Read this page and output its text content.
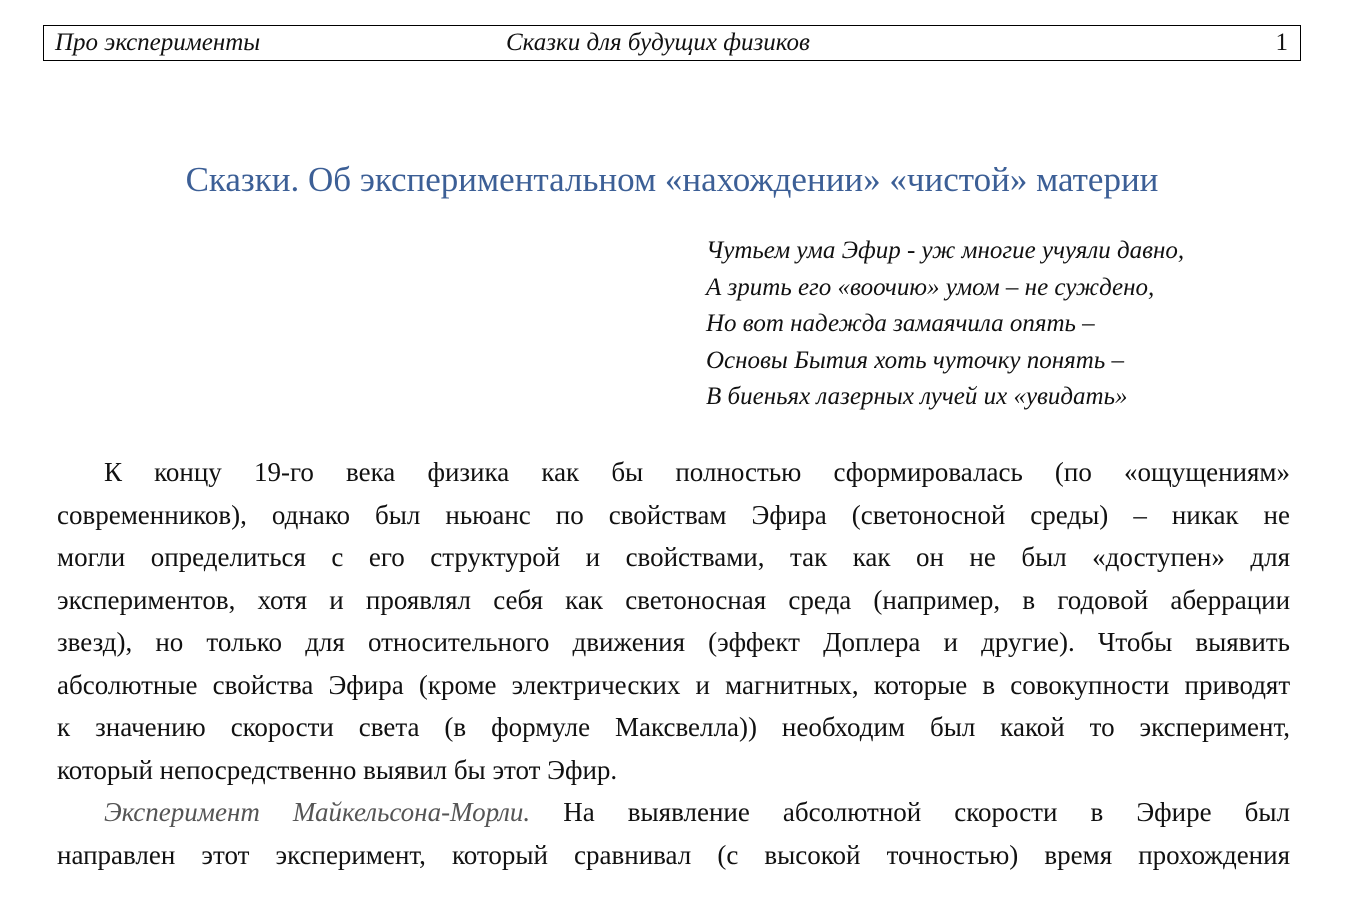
Про эксперименты	Сказки для будущих физиков	1
Сказки. Об экспериментальном «нахождении» «чистой» материи
Чутьем ума Эфир - уж многие учуяли давно,
А зрить его «воочию» умом – не суждено,
Но вот надежда замаячила опять –
Основы Бытия хоть чуточку понять –
В биеньях лазерных лучей их «увидать»
К концу 19-го века физика как бы полностью сформировалась (по «ощущениям»
современников), однако был ньюанс по свойствам Эфира (светоносной среды) – никак не
могли определиться с его структурой и свойствами, так как он не был «доступен» для
экспериментов, хотя и проявлял себя как светоносная среда (например, в годовой аберрации
звезд), но только для относительного движения (эффект Доплера и другие). Чтобы выявить
абсолютные свойства Эфира (кроме электрических и магнитных, которые в совокупности приводят
к значению скорости света (в формуле Максвелла)) необходим был какой то эксперимент,
который непосредственно выявил бы этот Эфир.
Эксперимент Майкельсона-Морли. На выявление абсолютной скорости в Эфире был
направлен этот эксперимент, который сравнивал (с высокой точностью) время прохождения
